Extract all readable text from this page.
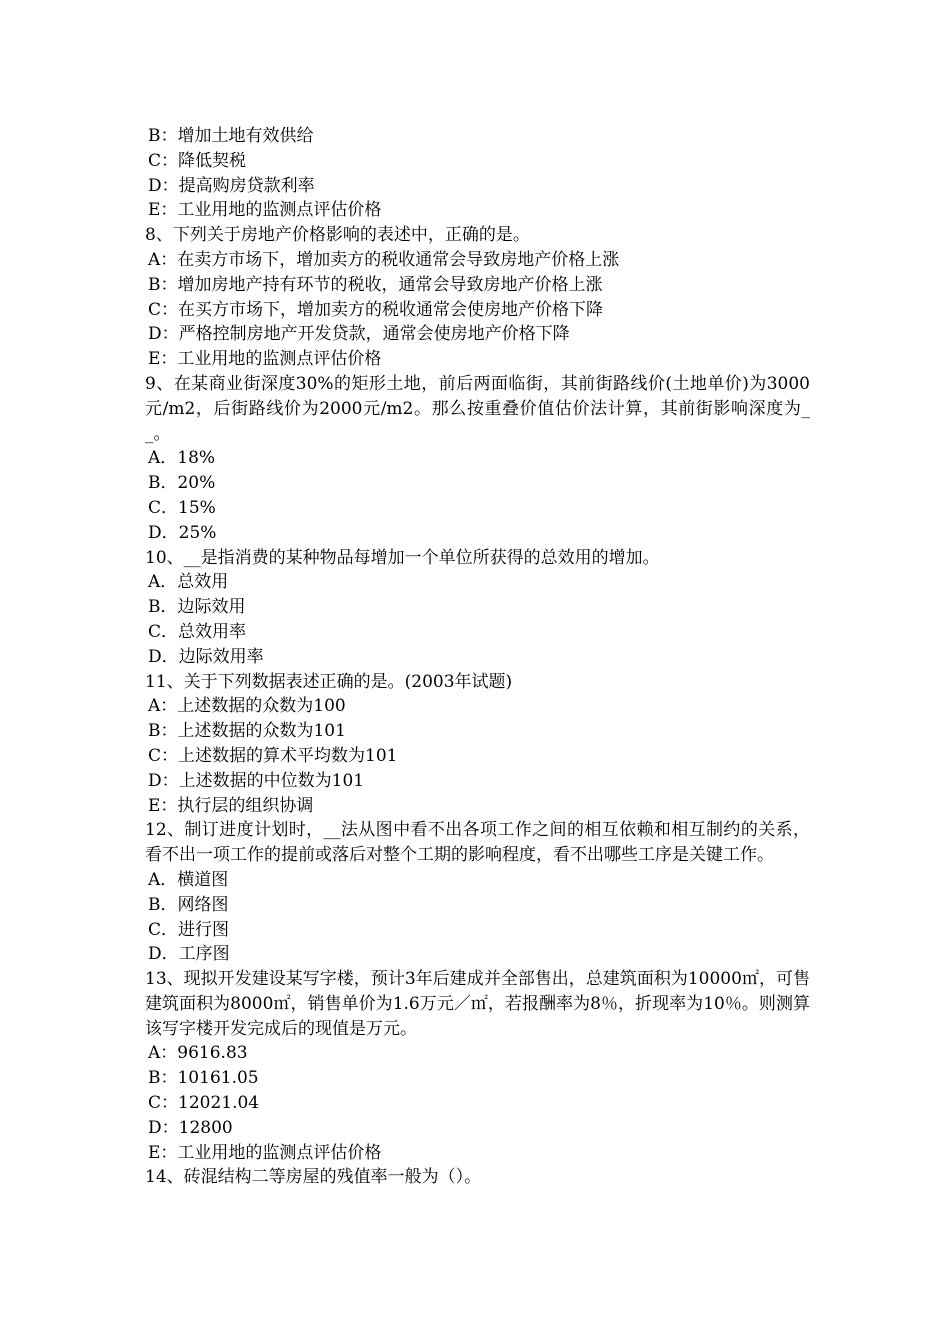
B：增加土地有效供给
C：降低契税
D：提高购房贷款利率
E：工业用地的监测点评估价格
8、下列关于房地产价格影响的表述中，正确的是。
A：在卖方市场下，增加卖方的税收通常会导致房地产价格上涨
B：增加房地产持有环节的税收，通常会导致房地产价格上涨
C：在买方市场下，增加卖方的税收通常会使房地产价格下降
D：严格控制房地产开发贷款，通常会使房地产价格下降
E：工业用地的监测点评估价格
9、在某商业街深度30%的矩形土地，前后两面临街，其前街路线价(土地单价)为3000元/m2，后街路线价为2000元/m2。那么按重叠价值估价法计算，其前街影响深度为__。
A．18%
B．20%
C．15%
D．25%
10、__是指消费的某种物品每增加一个单位所获得的总效用的增加。
A．总效用
B．边际效用
C．总效用率
D．边际效用率
11、关于下列数据表述正确的是。(2003年试题)
A：上述数据的众数为100
B：上述数据的众数为101
C：上述数据的算术平均数为101
D：上述数据的中位数为101
E：执行层的组织协调
12、制订进度计划时，__法从图中看不出各项工作之间的相互依赖和相互制约的关系，看不出一项工作的提前或落后对整个工期的影响程度，看不出哪些工序是关键工作。
A．横道图
B．网络图
C．进行图
D．工序图
13、现拟开发建设某写字楼，预计3年后建成并全部售出，总建筑面积为10000㎡，可售建筑面积为8000㎡，销售单价为1.6万元／㎡，若报酬率为8％，折现率为10％。则测算该写字楼开发完成后的现值是万元。
A：9616.83
B：10161.05
C：12021.04
D：12800
E：工业用地的监测点评估价格
14、砖混结构二等房屋的残值率一般为（）。
